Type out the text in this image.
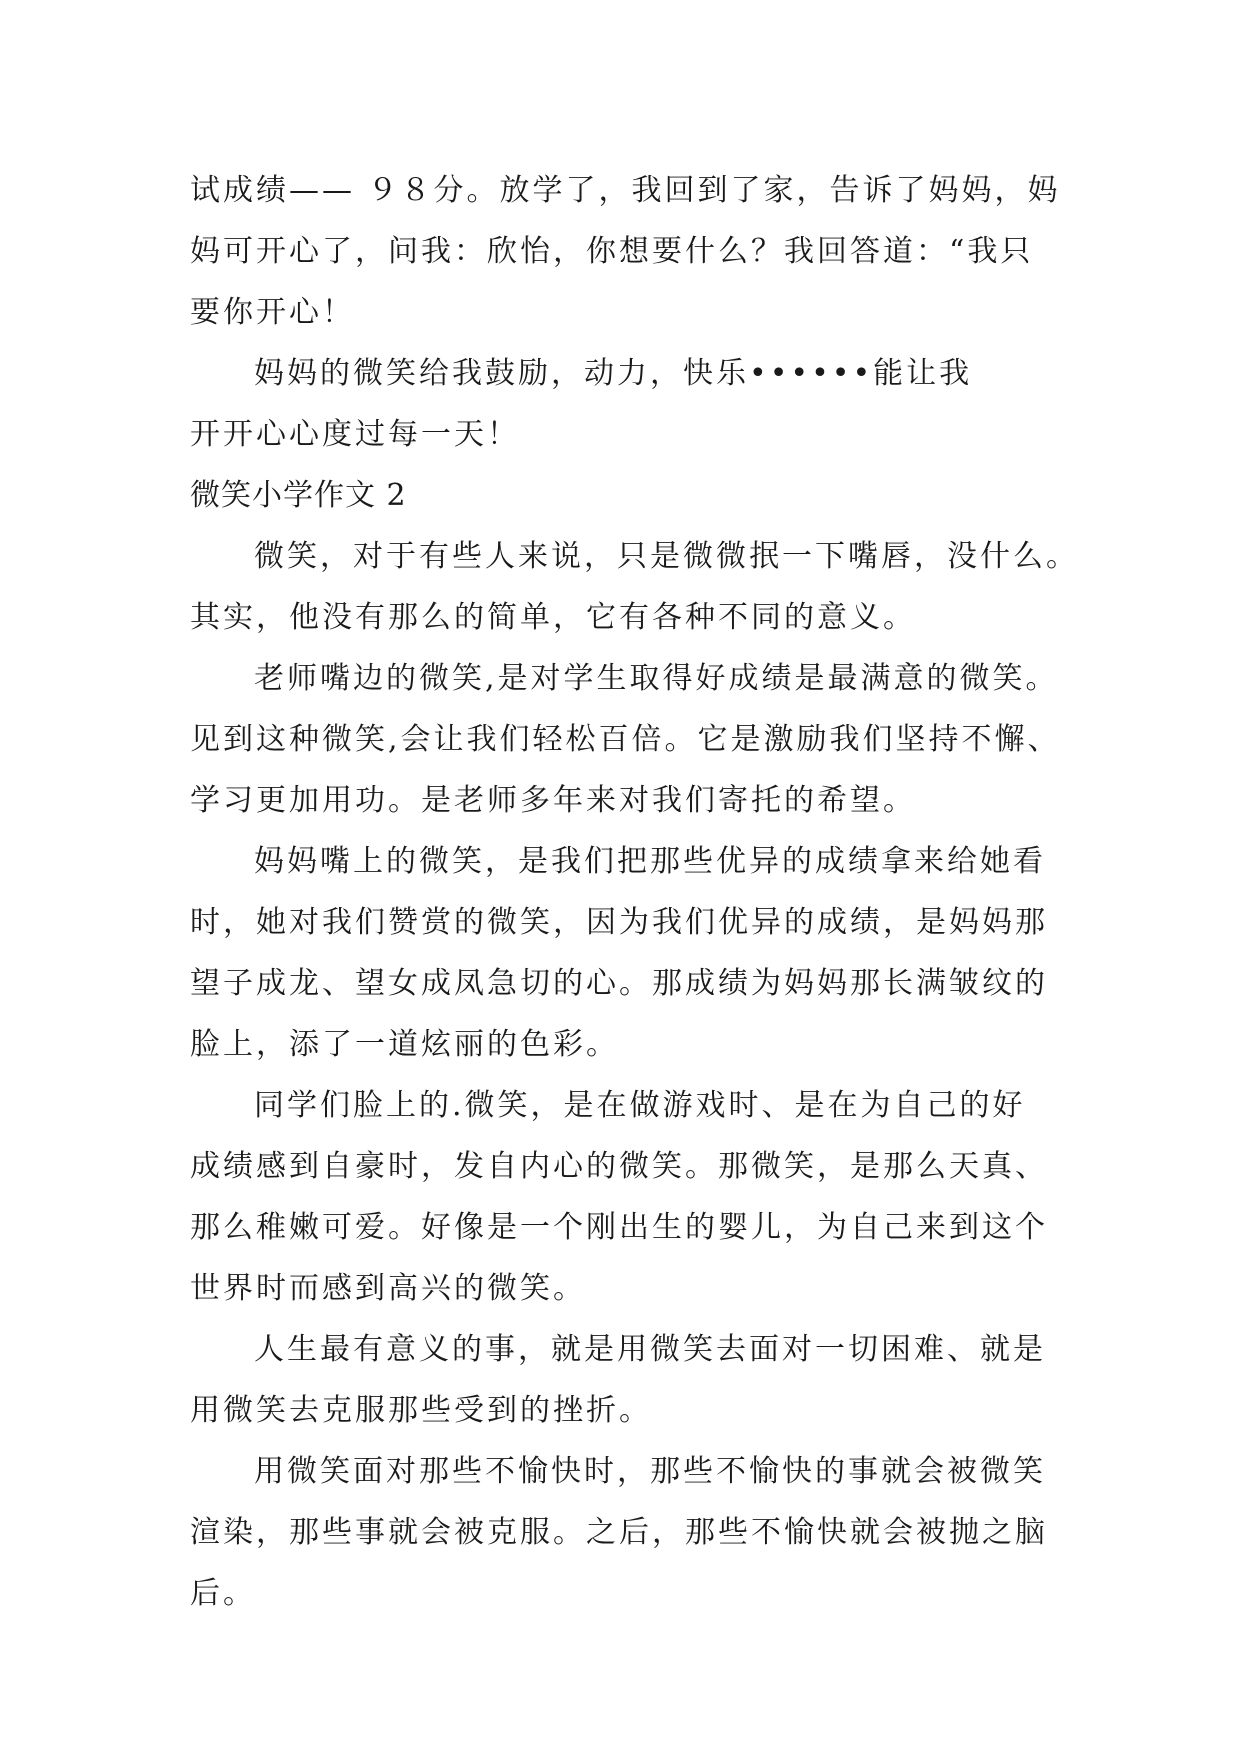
试成绩—— ９８分。放学了，我回到了家，告诉了妈妈，妈
妈可开心了，问我：欣怡，你想要什么？我回答道：“我只
要你开心！

妈妈的微笑给我鼓励，动力，快乐••••••能让我
开开心心度过每一天！

微笑小学作文 2

微笑，对于有些人来说，只是微微抿一下嘴唇，没什么。
其实，他没有那么的简单，它有各种不同的意义。

老师嘴边的微笑,是对学生取得好成绩是最满意的微笑。
见到这种微笑,会让我们轻松百倍。它是激励我们坚持不懈、
学习更加用功。是老师多年来对我们寄托的希望。

妈妈嘴上的微笑，是我们把那些优异的成绩拿来给她看
时，她对我们赞赏的微笑，因为我们优异的成绩，是妈妈那
望子成龙、望女成凤急切的心。那成绩为妈妈那长满皱纹的
脸上，添了一道炫丽的色彩。

同学们脸上的.微笑，是在做游戏时、是在为自己的好
成绩感到自豪时，发自内心的微笑。那微笑，是那么天真、
那么稚嫩可爱。好像是一个刚出生的婴儿，为自己来到这个
世界时而感到高兴的微笑。

人生最有意义的事，就是用微笑去面对一切困难、就是
用微笑去克服那些受到的挫折。

用微笑面对那些不愉快时，那些不愉快的事就会被微笑
渲染，那些事就会被克服。之后，那些不愉快就会被抛之脑
后。
